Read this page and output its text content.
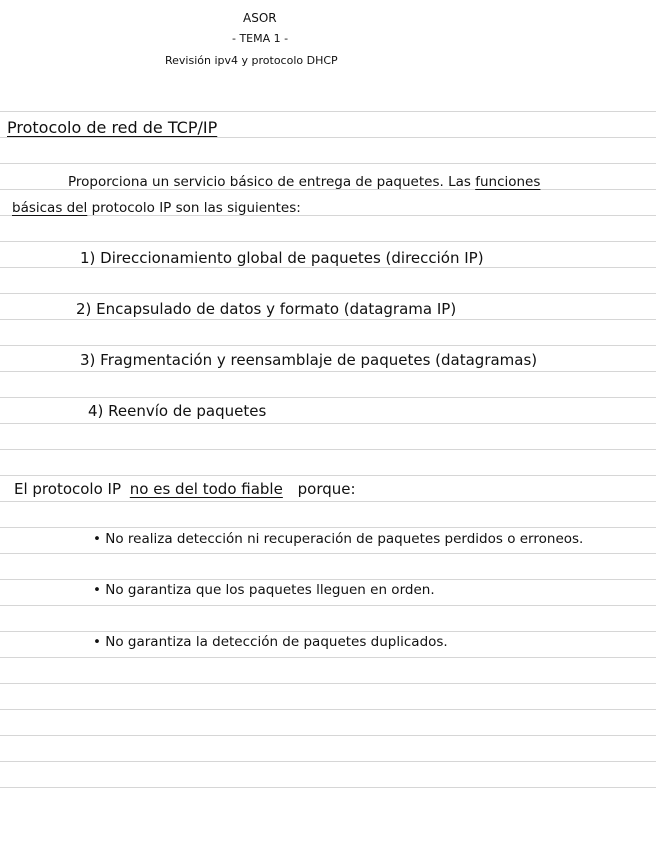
ASOR
- TEMA 1 -
Revisión ipv4 y protocolo DHCP
Protocolo de red de TCP/IP
Proporciona un servicio básico de entrega de paquetes. Las funciones
básicas del protocolo IP son las siguientes:
1) Direccionamiento global de paquetes (dirección IP)
2) Encapsulado de datos y formato (datagrama IP)
3) Fragmentación y reensamblaje de paquetes (datagramas)
4) Reenvío de paquetes
El protocolo IP no es del todo fiable porque:
• No realiza detección ni recuperación de paquetes perdidos o erroneos.
• No garantiza que los paquetes lleguen en orden.
• No garantiza la detección de paquetes duplicados.
